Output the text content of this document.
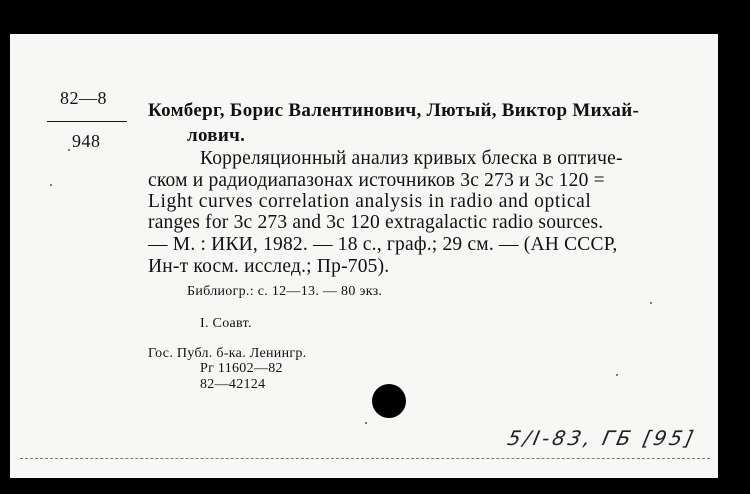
82—8
948
Комберг, Борис Валентинович, Лютый, Виктор Михай-
лович.
Корреляционный анализ кривых блеска в оптиче-
ском и радиодиапазонах источников 3с 273 и 3с 120 =
Light curves correlation analysis in radio and optical
ranges for 3c 273 and 3c 120 extragalactic radio sources.
— М. : ИКИ, 1982. — 18 с., граф.; 29 см. — (АН СССР,
Ин-т косм. исслед.; Пр-705).
Библиогр.: с. 12—13. — 80 экз.
I. Соавт.
Гос. Публ. б-ка. Ленингр.
Рг 11602—82
82—42124
5/I-83, ГБ [95]
